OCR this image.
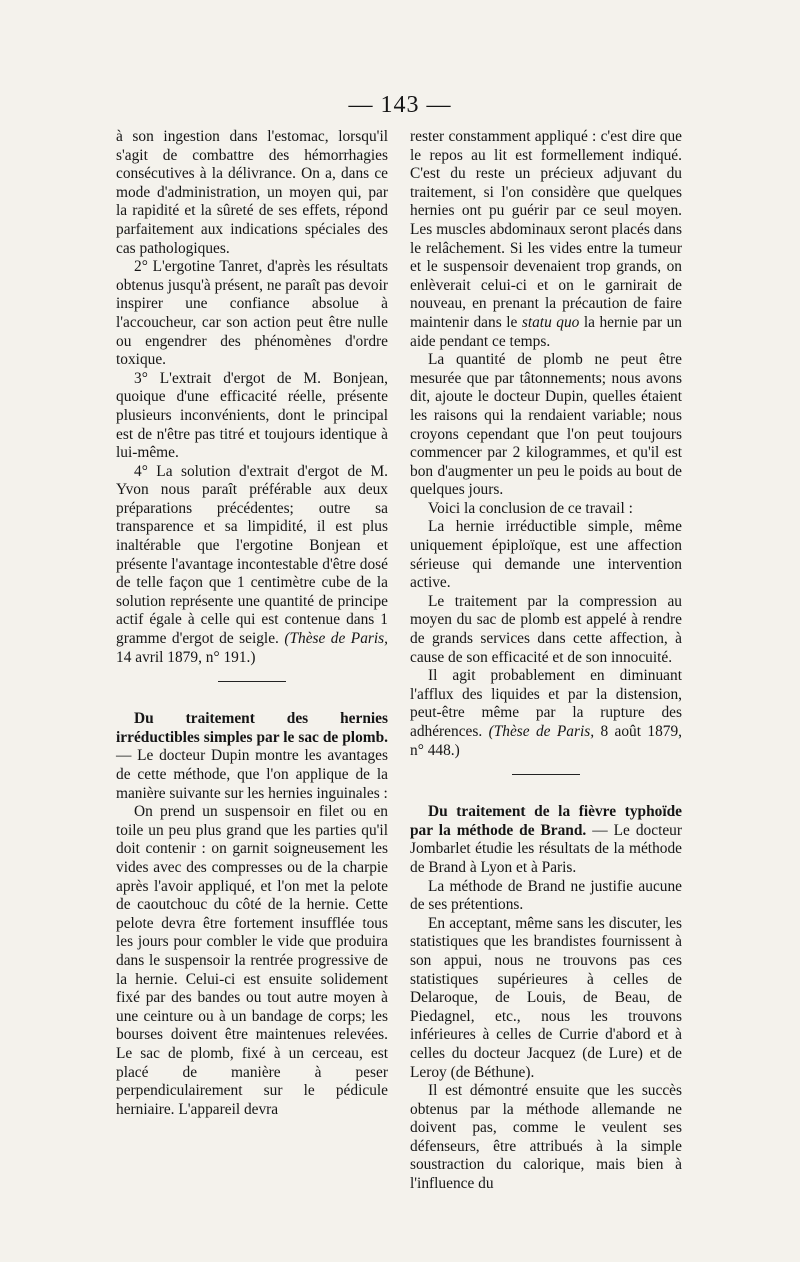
— 143 —

à son ingestion dans l'estomac, lorsqu'il s'agit de combattre des hémorrhagies consécutives à la délivrance. On a, dans ce mode d'administration, un moyen qui, par la rapidité et la sûreté de ses effets, répond parfaitement aux indications spéciales des cas pathologiques.

2° L'ergotine Tanret, d'après les résultats obtenus jusqu'à présent, ne paraît pas devoir inspirer une confiance absolue à l'accoucheur, car son action peut être nulle ou engendrer des phénomènes d'ordre toxique.

3° L'extrait d'ergot de M. Bonjean, quoique d'une efficacité réelle, présente plusieurs inconvénients, dont le principal est de n'être pas titré et toujours identique à lui-même.

4° La solution d'extrait d'ergot de M. Yvon nous paraît préférable aux deux préparations précédentes; outre sa transparence et sa limpidité, il est plus inaltérable que l'ergotine Bonjean et présente l'avantage incontestable d'être dosé de telle façon que 1 centimètre cube de la solution représente une quantité de principe actif égale à celle qui est contenue dans 1 gramme d'ergot de seigle. (Thèse de Paris, 14 avril 1879, n° 191.)

Du traitement des hernies irréductibles simples par le sac de plomb. — Le docteur Dupin montre les avantages de cette méthode, que l'on applique de la manière suivante sur les hernies inguinales :

On prend un suspensoir en filet ou en toile un peu plus grand que les parties qu'il doit contenir : on garnit soigneusement les vides avec des compresses ou de la charpie après l'avoir appliqué, et l'on met la pelote de caoutchouc du côté de la hernie. Cette pelote devra être fortement insufflée tous les jours pour combler le vide que produira dans le suspensoir la rentrée progressive de la hernie. Celui-ci est ensuite solidement fixé par des bandes ou tout autre moyen à une ceinture ou à un bandage de corps; les bourses doivent être maintenues relevées. Le sac de plomb, fixé à un cerceau, est placé de manière à peser perpendiculairement sur le pédicule herniaire. L'appareil devra

rester constamment appliqué : c'est dire que le repos au lit est formellement indiqué. C'est du reste un précieux adjuvant du traitement, si l'on considère que quelques hernies ont pu guérir par ce seul moyen. Les muscles abdominaux seront placés dans le relâchement. Si les vides entre la tumeur et le suspensoir devenaient trop grands, on enlèverait celui-ci et on le garnirait de nouveau, en prenant la précaution de faire maintenir dans le statu quo la hernie par un aide pendant ce temps.

La quantité de plomb ne peut être mesurée que par tâtonnements; nous avons dit, ajoute le docteur Dupin, quelles étaient les raisons qui la rendaient variable; nous croyons cependant que l'on peut toujours commencer par 2 kilogrammes, et qu'il est bon d'augmenter un peu le poids au bout de quelques jours.

Voici la conclusion de ce travail :

La hernie irréductible simple, même uniquement épiploïque, est une affection sérieuse qui demande une intervention active.

Le traitement par la compression au moyen du sac de plomb est appelé à rendre de grands services dans cette affection, à cause de son efficacité et de son innocuité.

Il agit probablement en diminuant l'afflux des liquides et par la distension, peut-être même par la rupture des adhérences. (Thèse de Paris, 8 août 1879, n° 448.)

Du traitement de la fièvre typhoïde par la méthode de Brand. — Le docteur Jombarlet étudie les résultats de la méthode de Brand à Lyon et à Paris.

La méthode de Brand ne justifie aucune de ses prétentions.

En acceptant, même sans les discuter, les statistiques que les brandistes fournissent à son appui, nous ne trouvons pas ces statistiques supérieures à celles de Delaroque, de Louis, de Beau, de Piedagnel, etc., nous les trouvons inférieures à celles de Currie d'abord et à celles du docteur Jacquez (de Lure) et de Leroy (de Béthune).

Il est démontré ensuite que les succès obtenus par la méthode allemande ne doivent pas, comme le veulent ses défenseurs, être attribués à la simple soustraction du calorique, mais bien à l'influence du
